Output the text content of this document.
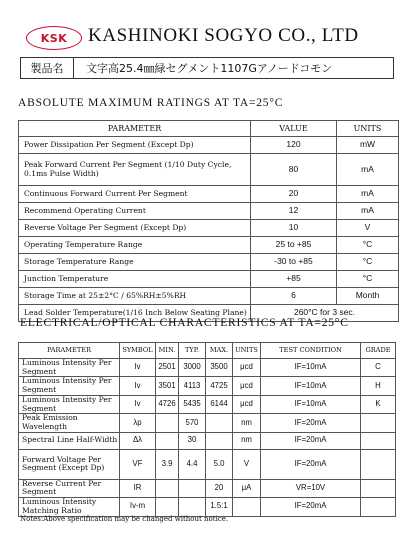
KSK KASHINOKI SOGYO CO., LTD
製品名	文字高25.4㎜緑セグメント1107Gアノードコモン
ABSOLUTE MAXIMUM RATINGS AT TA=25°C
PARAMETER	VALUE	UNITS
Power Dissipation Per Segment (Except Dp)	120	mW
Peak Forward Current Per Segment (1/10 Duty Cycle, 0.1ms Pulse Width)	80	mA
Continuous Forward Current Per Segment	20	mA
Recommend Operating Current	12	mA
Reverse Voltage Per Segment (Except Dp)	10	V
Operating Temperature Range	25 to +85	°C
Storage Temperature Range	-30 to +85	°C
Junction Temperature	+85	°C
Storage Time at 25±2°C / 65%RH±5%RH	6	Month
Lead Solder Temperature(1/16 Inch Below Seating Plane)	260°C for 3 sec.	
ELECTRICAL/OPTICAL CHARACTERISTICS AT TA=25°C
PARAMETER	SYMBOL	MIN.	TYP.	MAX.	UNITS	TEST CONDITION	GRADE
Luminous Intensity Per Segment	Iv	2501	3000	3500	μcd	IF=10mA	C
Luminous Intensity Per Segment	Iv	3501	4113	4725	μcd	IF=10mA	H
Luminous Intensity Per Segment	Iv	4726	5435	6144	μcd	IF=10mA	K
Peak Emission Wavelength	λp		570		nm	IF=20mA	
Spectral Line Half-Width	Δλ		30		nm	IF=20mA	
Forward Voltage Per Segment (Except Dp)	VF	3.9	4.4	5.0	V	IF=20mA	
Reverse Current Per Segment	IR			20	μA	VR=10V	
Luminous Intensity Matching Ratio	Iv-m			1.5:1		IF=20mA	
Notes:Above specification may be changed without notice.
